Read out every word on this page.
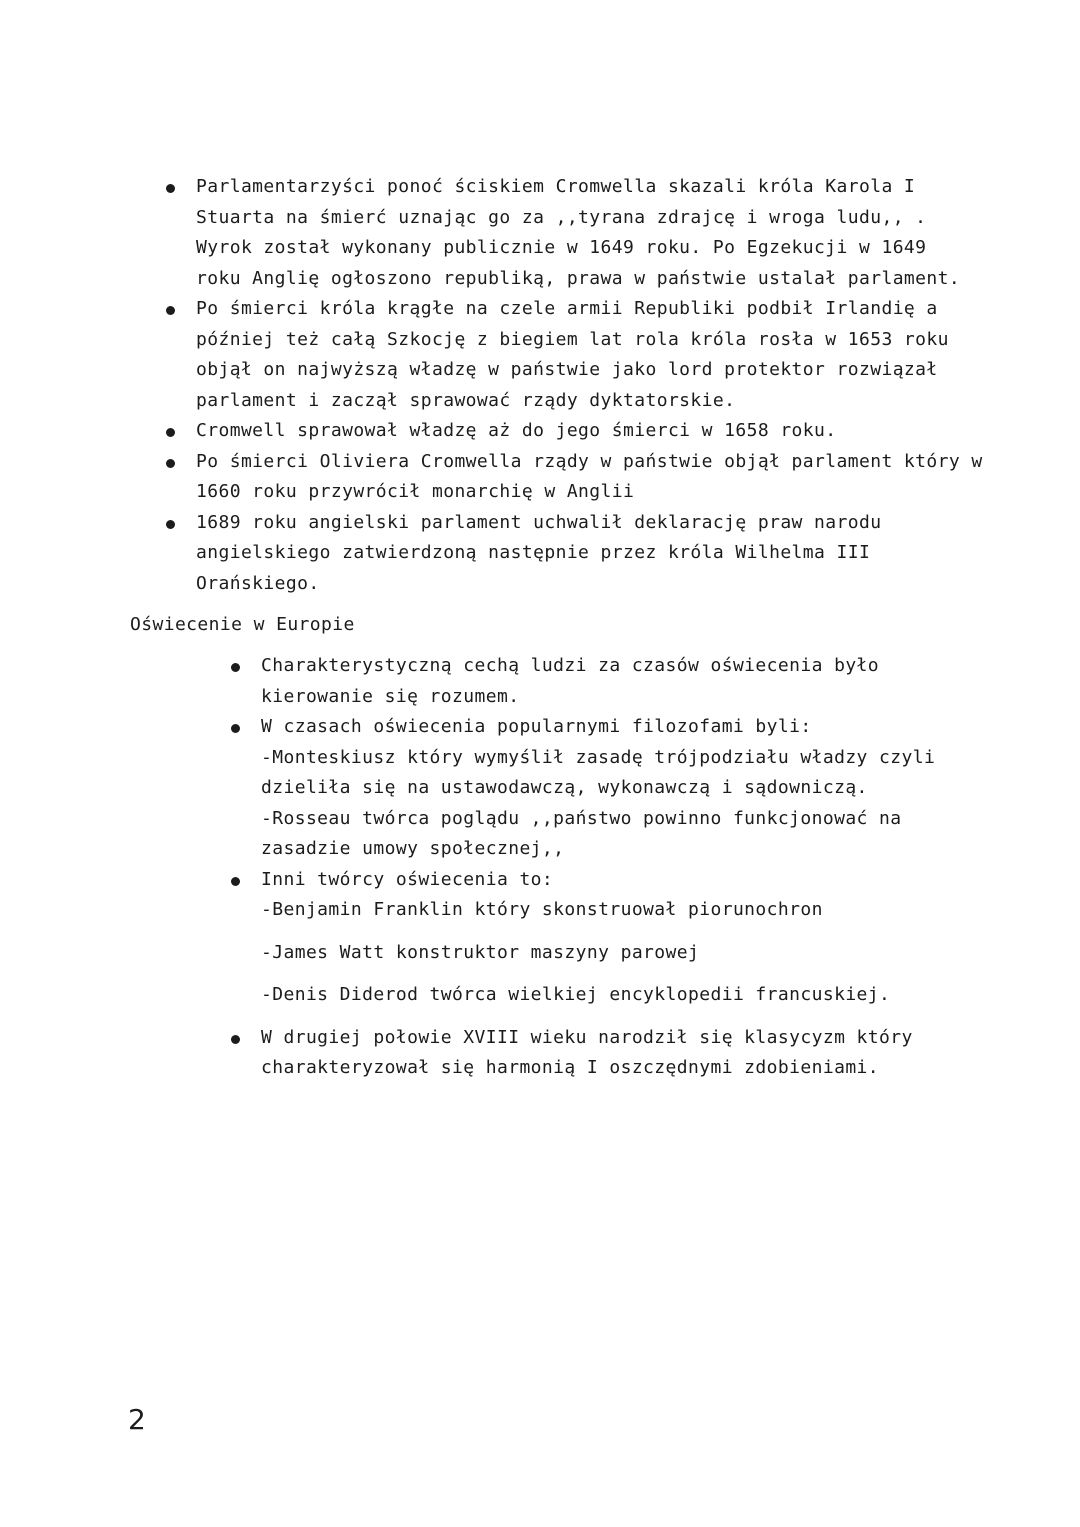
Parlamentarzyści ponoć ściskiem Cromwella skazali króla Karola I
Stuarta na śmierć uznając go za ,,tyrana zdrajcę i wroga ludu,, .
Wyrok został wykonany publicznie w 1649 roku. Po Egzekucji w 1649
roku Anglię ogłoszono republiką, prawa w państwie ustalał parlament.
Po śmierci króla krągłe na czele armii Republiki podbił Irlandię a
później też całą Szkocję z biegiem lat rola króla rosła w 1653 roku
objął on najwyższą władzę w państwie jako lord protektor rozwiązał
parlament i zaczął sprawować rządy dyktatorskie.
Cromwell sprawował władzę aż do jego śmierci w 1658 roku.
Po śmierci Oliviera Cromwella rządy w państwie objął parlament który w
1660 roku przywrócił monarchię w Anglii
1689 roku angielski parlament uchwalił deklarację praw narodu
angielskiego zatwierdzoną następnie przez króla Wilhelma III
Orańskiego.
Oświecenie w Europie
Charakterystyczną cechą ludzi za czasów oświecenia było
kierowanie się rozumem.
W czasach oświecenia popularnymi filozofami byli:
-Monteskiusz który wymyślił zasadę trójpodziału władzy czyli
dzieliła się na ustawodawczą, wykonawczą i sądowniczą.
-Rosseau twórca poglądu ,,państwo powinno funkcjonować na
zasadzie umowy społecznej,,
Inni twórcy oświecenia to:
-Benjamin Franklin który skonstruował piorunochron
-James Watt konstruktor maszyny parowej
-Denis Diderod twórca wielkiej encyklopedii francuskiej.
W drugiej połowie XVIII wieku narodził się klasycyzm który
charakteryzował się harmonią I oszczędnymi zdobieniami.
2
